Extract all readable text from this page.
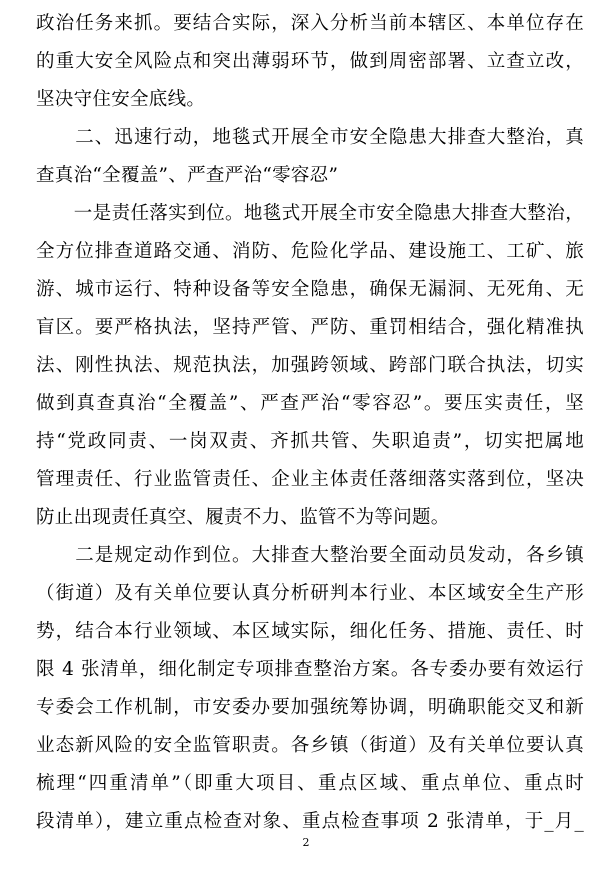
政治任务来抓。要结合实际，深入分析当前本辖区、本单位存在
的重大安全风险点和突出薄弱环节，做到周密部署、立查立改，
坚决守住安全底线。
　　二、迅速行动，地毯式开展全市安全隐患大排查大整治，真
查真治“全覆盖”、严查严治“零容忍”
　　一是责任落实到位。地毯式开展全市安全隐患大排查大整治，
全方位排查道路交通、消防、危险化学品、建设施工、工矿、旅
游、城市运行、特种设备等安全隐患，确保无漏洞、无死角、无
盲区。要严格执法，坚持严管、严防、重罚相结合，强化精准执
法、刚性执法、规范执法，加强跨领域、跨部门联合执法，切实
做到真查真治“全覆盖”、严查严治“零容忍”。要压实责任，坚
持“党政同责、一岗双责、齐抓共管、失职追责”，切实把属地
管理责任、行业监管责任、企业主体责任落细落实落到位，坚决
防止出现责任真空、履责不力、监管不为等问题。
　　二是规定动作到位。大排查大整治要全面动员发动，各乡镇
（街道）及有关单位要认真分析研判本行业、本区域安全生产形
势，结合本行业领域、本区域实际，细化任务、措施、责任、时
限 4 张清单，细化制定专项排查整治方案。各专委办要有效运行
专委会工作机制，市安委办要加强统筹协调，明确职能交叉和新
业态新风险的安全监管职责。各乡镇（街道）及有关单位要认真
梳理“四重清单”（即重大项目、重点区域、重点单位、重点时
段清单），建立重点检查对象、重点检查事项 2 张清单，于_月_
2
